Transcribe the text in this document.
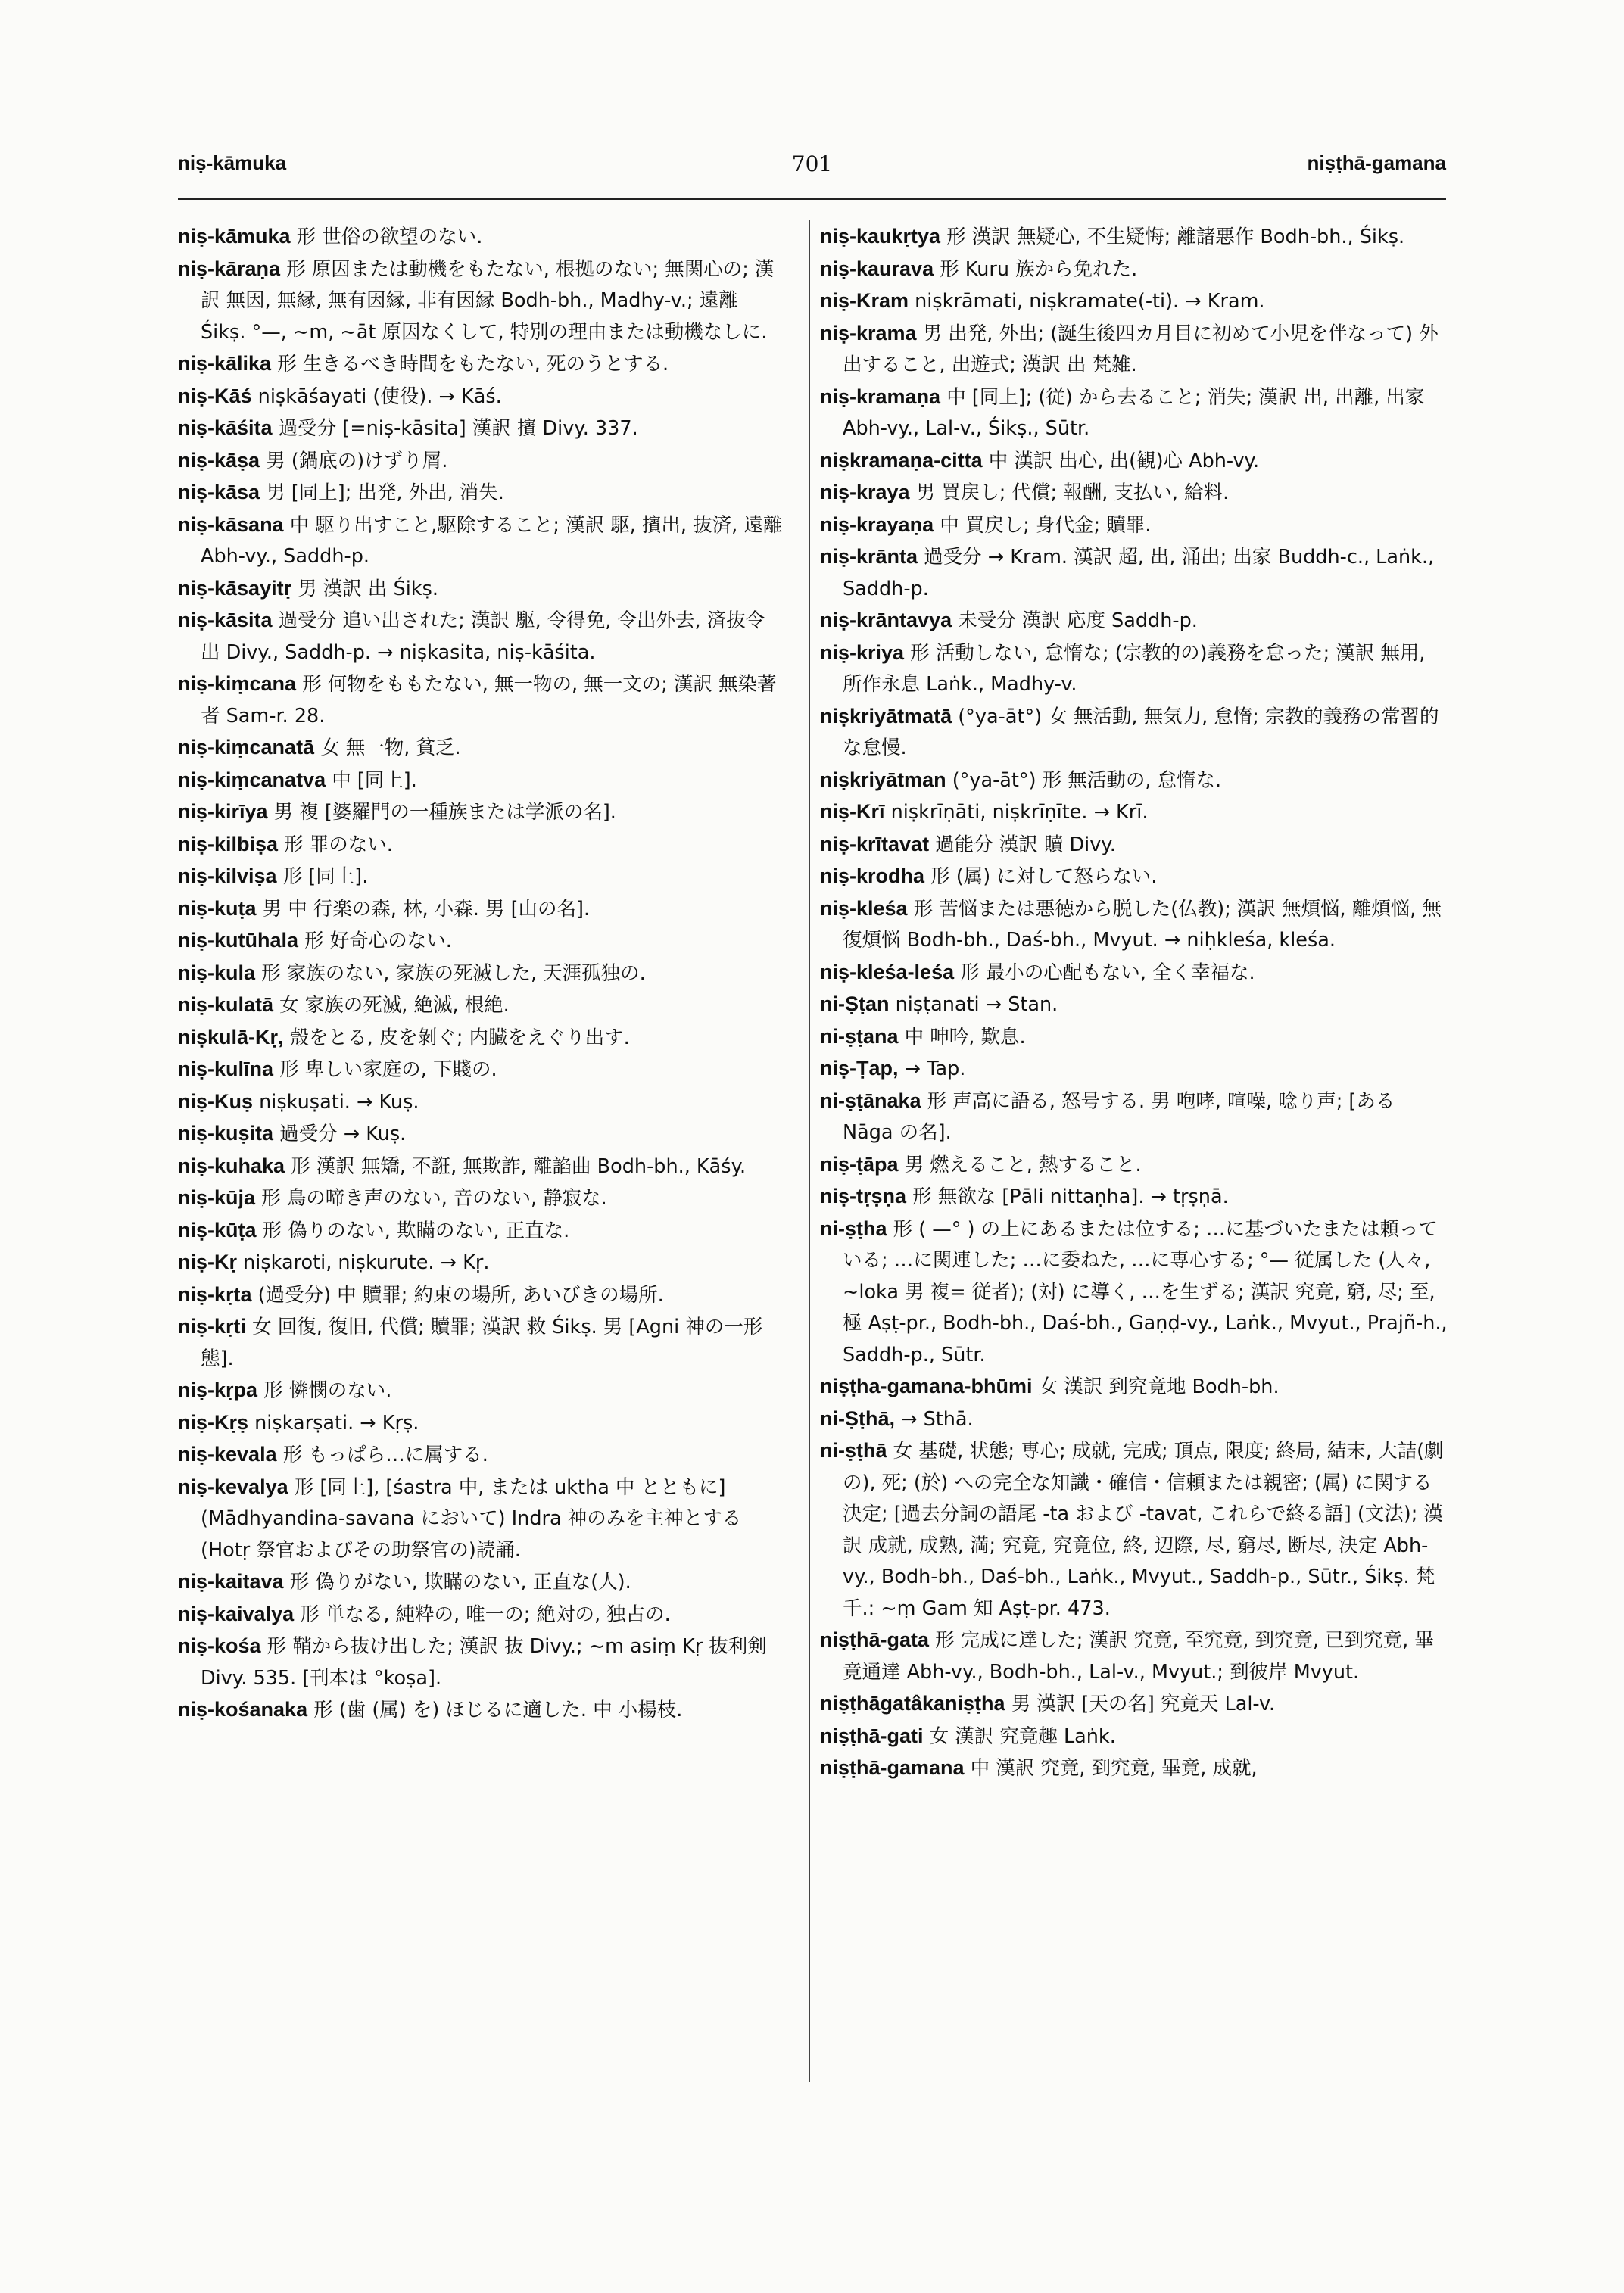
niṣ-kāmuka	701	niṣṭhā-gamana

niṣ-kāmuka 形 世俗の欲望のない.

niṣ-kāraṇa 形 原因または動機をもたない, 根拠のない; 無関心の; 漢訳 無因, 無縁, 無有因縁, 非有因縁 Bodh-bh., Madhy-v.; 遠離 Śikṣ. °—, ~m, ~āt 原因なくして, 特別の理由または動機なしに.

niṣ-kālika 形 生きるべき時間をもたない, 死のうとする.

niṣ-Kāś niṣkāśayati (使役). → Kāś.

niṣ-kāśita 過受分 [=niṣ-kāsita] 漢訳 擯 Divy. 337.

niṣ-kāṣa 男 (鍋底の)けずり屑.

niṣ-kāsa 男 [同上]; 出発, 外出, 消失.

niṣ-kāsana 中 駆り出すこと,駆除すること; 漢訳 駆, 擯出, 抜済, 遠離 Abh-vy., Saddh-p.

niṣ-kāsayitṛ 男 漢訳 出 Śikṣ.

niṣ-kāsita 過受分 追い出された; 漢訳 駆, 令得免, 令出外去, 済抜令出 Divy., Saddh-p. → niṣkasita, niṣ-kāśita.

niṣ-kiṃcana 形 何物をももたない, 無一物の, 無一文の; 漢訳 無染著者 Sam-r. 28.

niṣ-kiṃcanatā 女 無一物, 貧乏.

niṣ-kiṃcanatva 中 [同上].

niṣ-kirīya 男 複 [婆羅門の一種族または学派の名].

niṣ-kilbiṣa 形 罪のない.

niṣ-kilviṣa 形 [同上].

niṣ-kuṭa 男 中 行楽の森, 林, 小森. 男 [山の名].

niṣ-kutūhala 形 好奇心のない.

niṣ-kula 形 家族のない, 家族の死滅した, 天涯孤独の.

niṣ-kulatā 女 家族の死滅, 絶滅, 根絶.

niṣkulā-Kṛ, 殼をとる, 皮を剝ぐ; 内臓をえぐり出す.

niṣ-kulīna 形 卑しい家庭の, 下賤の.

niṣ-Kuṣ niṣkuṣati. → Kuṣ.

niṣ-kuṣita 過受分 → Kuṣ.

niṣ-kuhaka 形 漢訳 無矯, 不誑, 無欺詐, 離諂曲 Bodh-bh., Kāśy.

niṣ-kūja 形 鳥の啼き声のない, 音のない, 静寂な.

niṣ-kūṭa 形 偽りのない, 欺瞞のない, 正直な.

niṣ-Kṛ niṣkaroti, niṣkurute. → Kṛ.

niṣ-kṛta (過受分) 中 贖罪; 約束の場所, あいびきの場所.

niṣ-kṛti 女 回復, 復旧, 代償; 贖罪; 漢訳 救 Śikṣ. 男 [Agni 神の一形態].

niṣ-kṛpa 形 憐憫のない.

niṣ-Kṛṣ niṣkarṣati. → Kṛṣ.

niṣ-kevala 形 もっぱら…に属する.

niṣ-kevalya 形 [同上], [śastra 中, または uktha 中 とともに] (Mādhyandina-savana において) Indra 神のみを主神とする (Hotṛ 祭官およびその助祭官の)読誦.

niṣ-kaitava 形 偽りがない, 欺瞞のない, 正直な(人).

niṣ-kaivalya 形 単なる, 純粋の, 唯一の; 絶対の, 独占の.

niṣ-kośa 形 鞘から抜け出した; 漢訳 抜 Divy.; ~m asiṃ Kṛ 抜利剣 Divy. 535. [刊本は °koṣa].

niṣ-kośanaka 形 (歯 (属) を) ほじるに適した. 中 小楊枝.

niṣ-kaukṛtya 形 漢訳 無疑心, 不生疑悔; 離諸悪作 Bodh-bh., Śikṣ.

niṣ-kaurava 形 Kuru 族から免れた.

niṣ-Kram niṣkrāmati, niṣkramate(-ti). → Kram.

niṣ-krama 男 出発, 外出; (誕生後四カ月目に初めて小児を伴なって) 外出すること, 出遊式; 漢訳 出 梵雑.

niṣ-kramaṇa 中 [同上]; (従) から去ること; 消失; 漢訳 出, 出離, 出家 Abh-vy., Lal-v., Śikṣ., Sūtr.

niṣkramaṇa-citta 中 漢訳 出心, 出(観)心 Abh-vy.

niṣ-kraya 男 買戻し; 代償; 報酬, 支払い, 給料.

niṣ-krayaṇa 中 買戻し; 身代金; 贖罪.

niṣ-krānta 過受分 → Kram. 漢訳 超, 出, 涌出; 出家 Buddh-c., Laṅk., Saddh-p.

niṣ-krāntavya 未受分 漢訳 応度 Saddh-p.

niṣ-kriya 形 活動しない, 怠惰な; (宗教的の)義務を怠った; 漢訳 無用, 所作永息 Laṅk., Madhy-v.

niṣkriyātmatā (°ya-āt°) 女 無活動, 無気力, 怠惰; 宗教的義務の常習的な怠慢.

niṣkriyātman (°ya-āt°) 形 無活動の, 怠惰な.

niṣ-Krī niṣkrīṇāti, niṣkrīṇīte. → Krī.

niṣ-krītavat 過能分 漢訳 贖 Divy.

niṣ-krodha 形 (属) に対して怒らない.

niṣ-kleśa 形 苦悩または悪徳から脱した(仏教); 漢訳 無煩悩, 離煩悩, 無復煩悩 Bodh-bh., Daś-bh., Mvyut. → niḥkleśa, kleśa.

niṣ-kleśa-leśa 形 最小の心配もない, 全く幸福な.

ni-Ṣṭan niṣṭanati → Stan.

ni-ṣṭana 中 呻吟, 歎息.

niṣ-Ṭap, → Tap.

ni-ṣṭānaka 形 声高に語る, 怒号する. 男 咆哮, 喧噪, 唸り声; [ある Nāga の名].

niṣ-ṭāpa 男 燃えること, 熱すること.

niṣ-tṛṣṇa 形 無欲な [Pāli nittaṇha]. → tṛṣṇā.

ni-ṣṭha 形 ( —° ) の上にあるまたは位する; …に基づいたまたは頼っている; …に関連した; …に委ねた, …に専心する; °— 従属した (人々, ~loka 男 複= 従者); (対) に導く, …を生ずる; 漢訳 究竟, 窮, 尽; 至, 極 Aṣṭ-pr., Bodh-bh., Daś-bh., Gaṇḍ-vy., Laṅk., Mvyut., Prajñ-h., Saddh-p., Sūtr.

niṣṭha-gamana-bhūmi 女 漢訳 到究竟地 Bodh-bh.

ni-Ṣṭhā, → Sthā.

ni-ṣṭhā 女 基礎, 状態; 専心; 成就, 完成; 頂点, 限度; 終局, 結末, 大詰(劇の), 死; (於) への完全な知識・確信・信頼または親密; (属) に関する決定; [過去分詞の語尾 -ta および -tavat, これらで終る語] (文法); 漢訳 成就, 成熟, 満; 究竟, 究竟位, 終, 辺際, 尽, 窮尽, 断尽, 決定 Abh-vy., Bodh-bh., Daś-bh., Laṅk., Mvyut., Saddh-p., Sūtr., Śikṣ. 梵千.: ~ṃ Gam 知 Aṣṭ-pr. 473.

niṣṭhā-gata 形 完成に達した; 漢訳 究竟, 至究竟, 到究竟, 已到究竟, 畢竟通達 Abh-vy., Bodh-bh., Lal-v., Mvyut.; 到彼岸 Mvyut.

niṣṭhāgatâkaniṣṭha 男 漢訳 [天の名] 究竟天 Lal-v.

niṣṭhā-gati 女 漢訳 究竟趣 Laṅk.

niṣṭhā-gamana 中 漢訳 究竟, 到究竟, 畢竟, 成就,
